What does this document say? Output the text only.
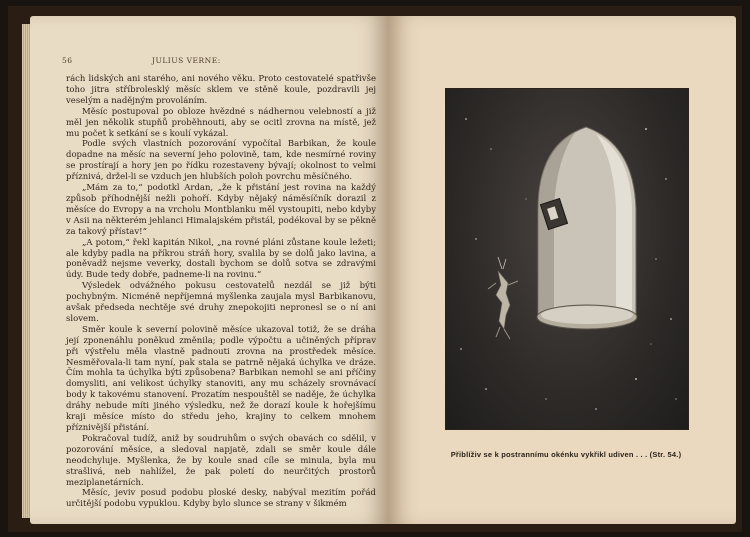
56	JULIUS VERNE:

rách lidských ani starého, ani nového věku. Proto cestovatelé spatřivše toho jitra stříbrolesklý měsíc sklem ve stěně koule, pozdravili jej veselým a nadějným provoláním.

Měsíc postupoval po obloze hvězdné s nádhernou velebností a již měl jen několik stupňů proběhnouti, aby se ocitl zrovna na místě, jež mu počet k setkání se s koulí vykázal.

Podle svých vlastních pozorování vypočítal Barbikan, že koule dopadne na měsíc na severní jeho polovině, tam, kde nesmírné roviny se prostírají a hory jen po řídku rozestaveny bývají; okolnost to velmi příznivá, držel-li se vzduch jen hlubších poloh povrchu měsíčného.

„Mám za to,“ podotkl Ardan, „že k přistání jest rovina na každý způsob příhodnější nežli pohoří. Kdyby nějaký náměsíčník dorazil z měsíce do Evropy a na vrcholu Montblanku měl vystoupiti, nebo kdyby v Asii na některém jehlanci Himalajském přistál, podékoval by se pěkně za takový přístav!“

„A potom,“ řekl kapitán Nikol, „na rovné pláni zůstane koule ležeti; ale kdyby padla na příkrou stráň hory, svalila by se dolů jako lavina, a poněvadž nejsme veverky, dostali bychom se dolů sotva se zdravými údy. Bude tedy dobře, padneme-li na rovinu.“

Výsledek odvážného pokusu cestovatelů nezdál se již býti pochybným. Nicméně nepříjemná myšlenka zaujala mysl Barbikanovu, avšak předseda nechtěje své druhy znepokojiti nepronesl se o ní ani slovem.

Směr koule k severní polovině měsíce ukazoval totiž, že se dráha její zponenáhlu poněkud změnila; podle výpočtu a učiněných příprav při výstřelu měla vlastně padnouti zrovna na prostředek měsíce. Nesměřovala-li tam nyní, pak stala se patrně nějaká úchylka ve dráze. Čím mohla ta úchylka býti způsobena? Barbikan nemohl se ani příčiny domysliti, ani velikost úchylky stanoviti, any mu scházely srovnávací body k takovému stanovení. Prozatím nespouštěl se naděje, že úchylka dráhy nebude míti jiného výsledku, než že dorazí koule k hořejšímu kraji měsíce místo do středu jeho, krajiny to celkem mnohem příznivější přistání.

Pokračoval tudíž, aniž by soudruhům o svých obavách co sdělil, v pozorování měsíce, a sledoval napjatě, zdali se směr koule dále neodchyluje. Myšlenka, že by koule snad cíle se minula, byla mu strašlivá, neb nahlížel, že pak poletí do neurčitých prostorů meziplanetárních.

Měsíc, jeviv posud podobu ploské desky, nabýval mezitím pořád určitější podobu vypuklou. Kdyby bylo slunce se strany v šikmém

Přiblíživ se k postrannímu okénku vykřikl udiven . . . (Str. 54.)
